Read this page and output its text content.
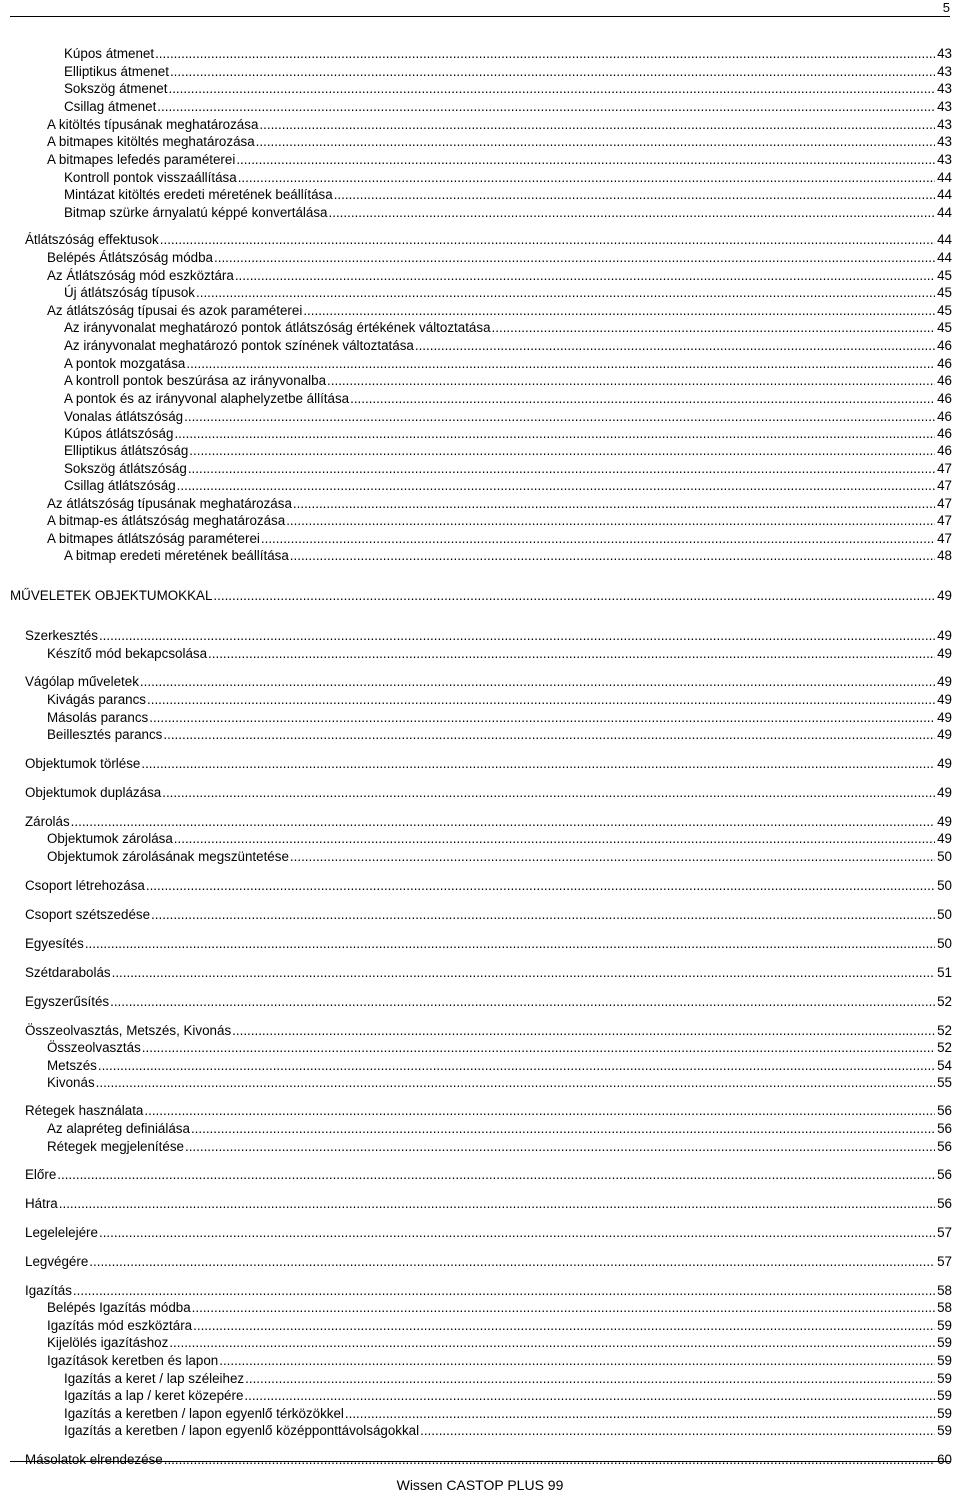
5
Kúpos átmenet .....	43
Elliptikus átmenet .....	43
Sokszög átmenet .....	43
Csillag átmenet .....	43
A kitöltés típusának meghatározása .....	43
A bitmapes kitöltés meghatározása .....	43
A bitmapes lefedés paraméterei .....	43
Kontroll pontok visszaállítása .....	44
Mintázat kitöltés eredeti méretének beállítása .....	44
Bitmap szürke árnyalatú képpé konvertálása .....	44
Átlátszóság effektusok .....	44
Belépés Átlátszóság módba .....	44
Az Átlátszóság mód eszköztára .....	45
Új átlátszóság típusok .....	45
Az átlátszóság típusai és azok paraméterei .....	45
Az irányvonalat meghatározó pontok átlátszóság értékének változtatása .....	45
Az irányvonalat meghatározó pontok színének változtatása .....	46
A pontok mozgatása .....	46
A kontroll pontok beszúrása az irányvonalba .....	46
A pontok és az irányvonal alaphelyzetbe állítása .....	46
Vonalas átlátszóság .....	46
Kúpos átlátszóság .....	46
Elliptikus átlátszóság .....	46
Sokszög átlátszóság .....	47
Csillag átlátszóság .....	47
Az átlátszóság típusának meghatározása .....	47
A bitmap-es átlátszóság meghatározása .....	47
A bitmapes átlátszóság paraméterei .....	47
A bitmap eredeti méretének beállítása .....	48
MŰVELETEK OBJEKTUMOKKAL .....	49
Szerkesztés .....	49
Készítő mód bekapcsolása .....	49
Vágólap műveletek .....	49
Kivágás parancs .....	49
Másolás parancs .....	49
Beillesztés parancs .....	49
Objektumok törlése .....	49
Objektumok duplázása .....	49
Zárolás .....	49
Objektumok zárolása .....	49
Objektumok zárolásának megszüntetése .....	50
Csoport létrehozása .....	50
Csoport szétszedése .....	50
Egyesítés .....	50
Szétdarabolás .....	51
Egyszerűsítés .....	52
Összeolvasztás, Metszés, Kivonás .....	52
Összeolvasztás .....	52
Metszés .....	54
Kivonás .....	55
Rétegek használata .....	56
Az alapréteg definiálása .....	56
Rétegek megjelenítése .....	56
Előre .....	56
Hátra .....	56
Legelelejére .....	57
Legvégére .....	57
Igazítás .....	58
Belépés Igazítás módba .....	58
Igazítás mód eszköztára .....	59
Kijelölés igazításhoz .....	59
Igazítások keretben és lapon .....	59
Igazítás a keret / lap széleihez .....	59
Igazítás a lap / keret közepére .....	59
Igazítás a keretben / lapon egyenlő térközökkel .....	59
Igazítás a keretben / lapon egyenlő középponttávolságokkal .....	59
Másolatok elrendezése .....	60
Wissen CASTOP PLUS 99
